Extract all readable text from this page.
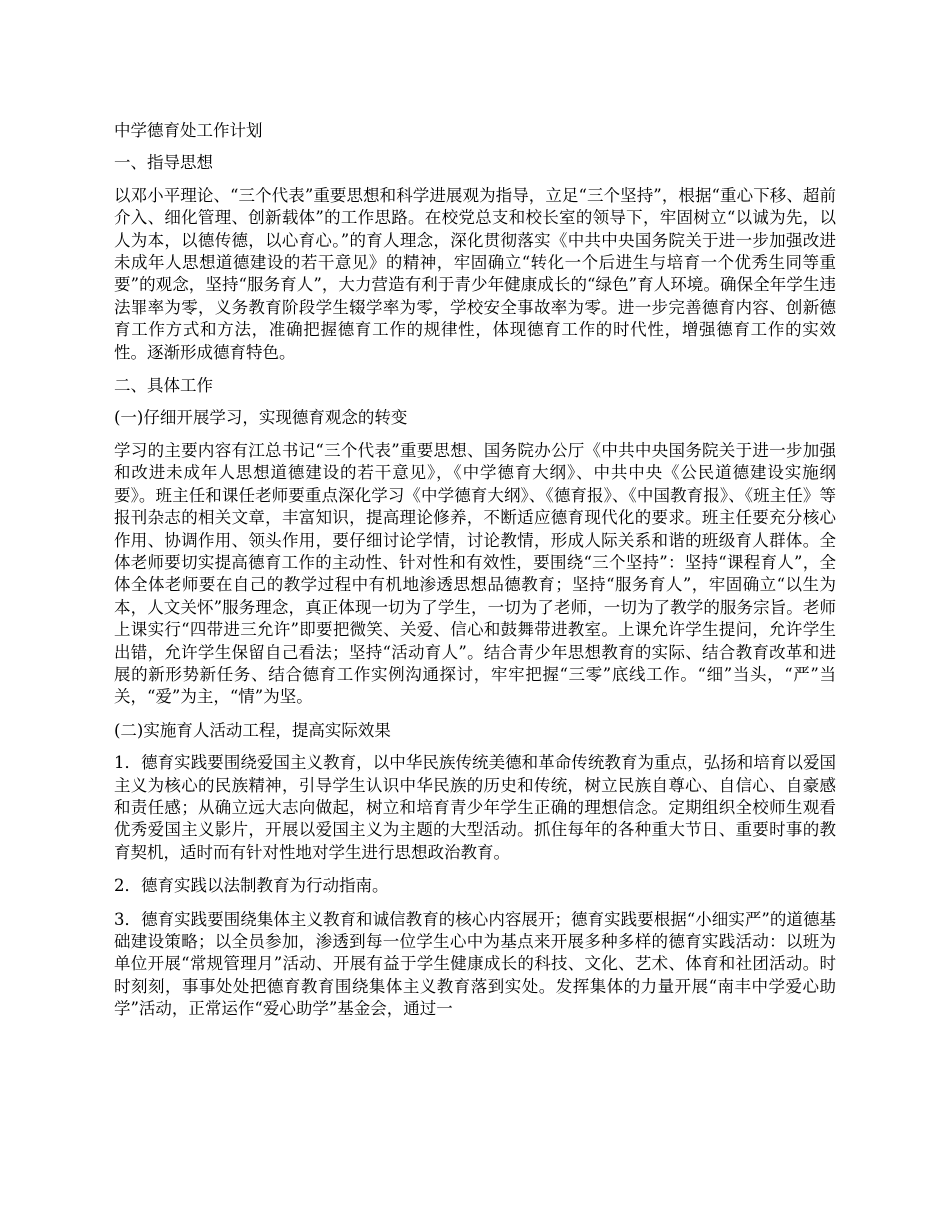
中学德育处工作计划

一、指导思想

以邓小平理论、“三个代表”重要思想和科学进展观为指导，立足“三个坚持”，根据“重心下移、超前介入、细化管理、创新载体”的工作思路。在校党总支和校长室的领导下，牢固树立“以诚为先，以人为本，以德传德，以心育心。”的育人理念，深化贯彻落实《中共中央国务院关于进一步加强改进未成年人思想道德建设的若干意见》的精神，牢固确立“转化一个后进生与培育一个优秀生同等重要”的观念，坚持“服务育人”，大力营造有利于青少年健康成长的“绿色”育人环境。确保全年学生违法罪率为零，义务教育阶段学生辍学率为零，学校安全事故率为零。进一步完善德育内容、创新德育工作方式和方法，准确把握德育工作的规律性，体现德育工作的时代性，增强德育工作的实效性。逐渐形成德育特色。

二、具体工作

(一)仔细开展学习，实现德育观念的转变

学习的主要内容有江总书记“三个代表”重要思想、国务院办公厅《中共中央国务院关于进一步加强和改进未成年人思想道德建设的若干意见》，《中学德育大纲》、中共中央《公民道德建设实施纲要》。班主任和课任老师要重点深化学习《中学德育大纲》、《德育报》、《中国教育报》、《班主任》等报刊杂志的相关文章，丰富知识，提高理论修养，不断适应德育现代化的要求。班主任要充分核心作用、协调作用、领头作用，要仔细讨论学情，讨论教情，形成人际关系和谐的班级育人群体。全体老师要切实提高德育工作的主动性、针对性和有效性，要围绕“三个坚持”：坚持“课程育人”，全体全体老师要在自己的教学过程中有机地渗透思想品德教育；坚持“服务育人”，牢固确立“以生为本，人文关怀”服务理念，真正体现一切为了学生，一切为了老师，一切为了教学的服务宗旨。老师上课实行“四带进三允许”即要把微笑、关爱、信心和鼓舞带进教室。上课允许学生提问，允许学生出错，允许学生保留自己看法；坚持“活动育人”。结合青少年思想教育的实际、结合教育改革和进展的新形势新任务、结合德育工作实例沟通探讨，牢牢把握“三零”底线工作。“细”当头，“严”当关，“爱”为主，“情”为坚。

(二)实施育人活动工程，提高实际效果

1．德育实践要围绕爱国主义教育，以中华民族传统美德和革命传统教育为重点，弘扬和培育以爱国主义为核心的民族精神，引导学生认识中华民族的历史和传统，树立民族自尊心、自信心、自豪感和责任感；从确立远大志向做起，树立和培育青少年学生正确的理想信念。定期组织全校师生观看优秀爱国主义影片，开展以爱国主义为主题的大型活动。抓住每年的各种重大节日、重要时事的教育契机，适时而有针对性地对学生进行思想政治教育。

2．德育实践以法制教育为行动指南。

3．德育实践要围绕集体主义教育和诚信教育的核心内容展开；德育实践要根据“小细实严”的道德基础建设策略；以全员参加，渗透到每一位学生心中为基点来开展多种多样的德育实践活动：以班为单位开展“常规管理月”活动、开展有益于学生健康成长的科技、文化、艺术、体育和社团活动。时时刻刻，事事处处把德育教育围绕集体主义教育落到实处。发挥集体的力量开展“南丰中学爱心助学”活动，正常运作“爱心助学”基金会，通过一
